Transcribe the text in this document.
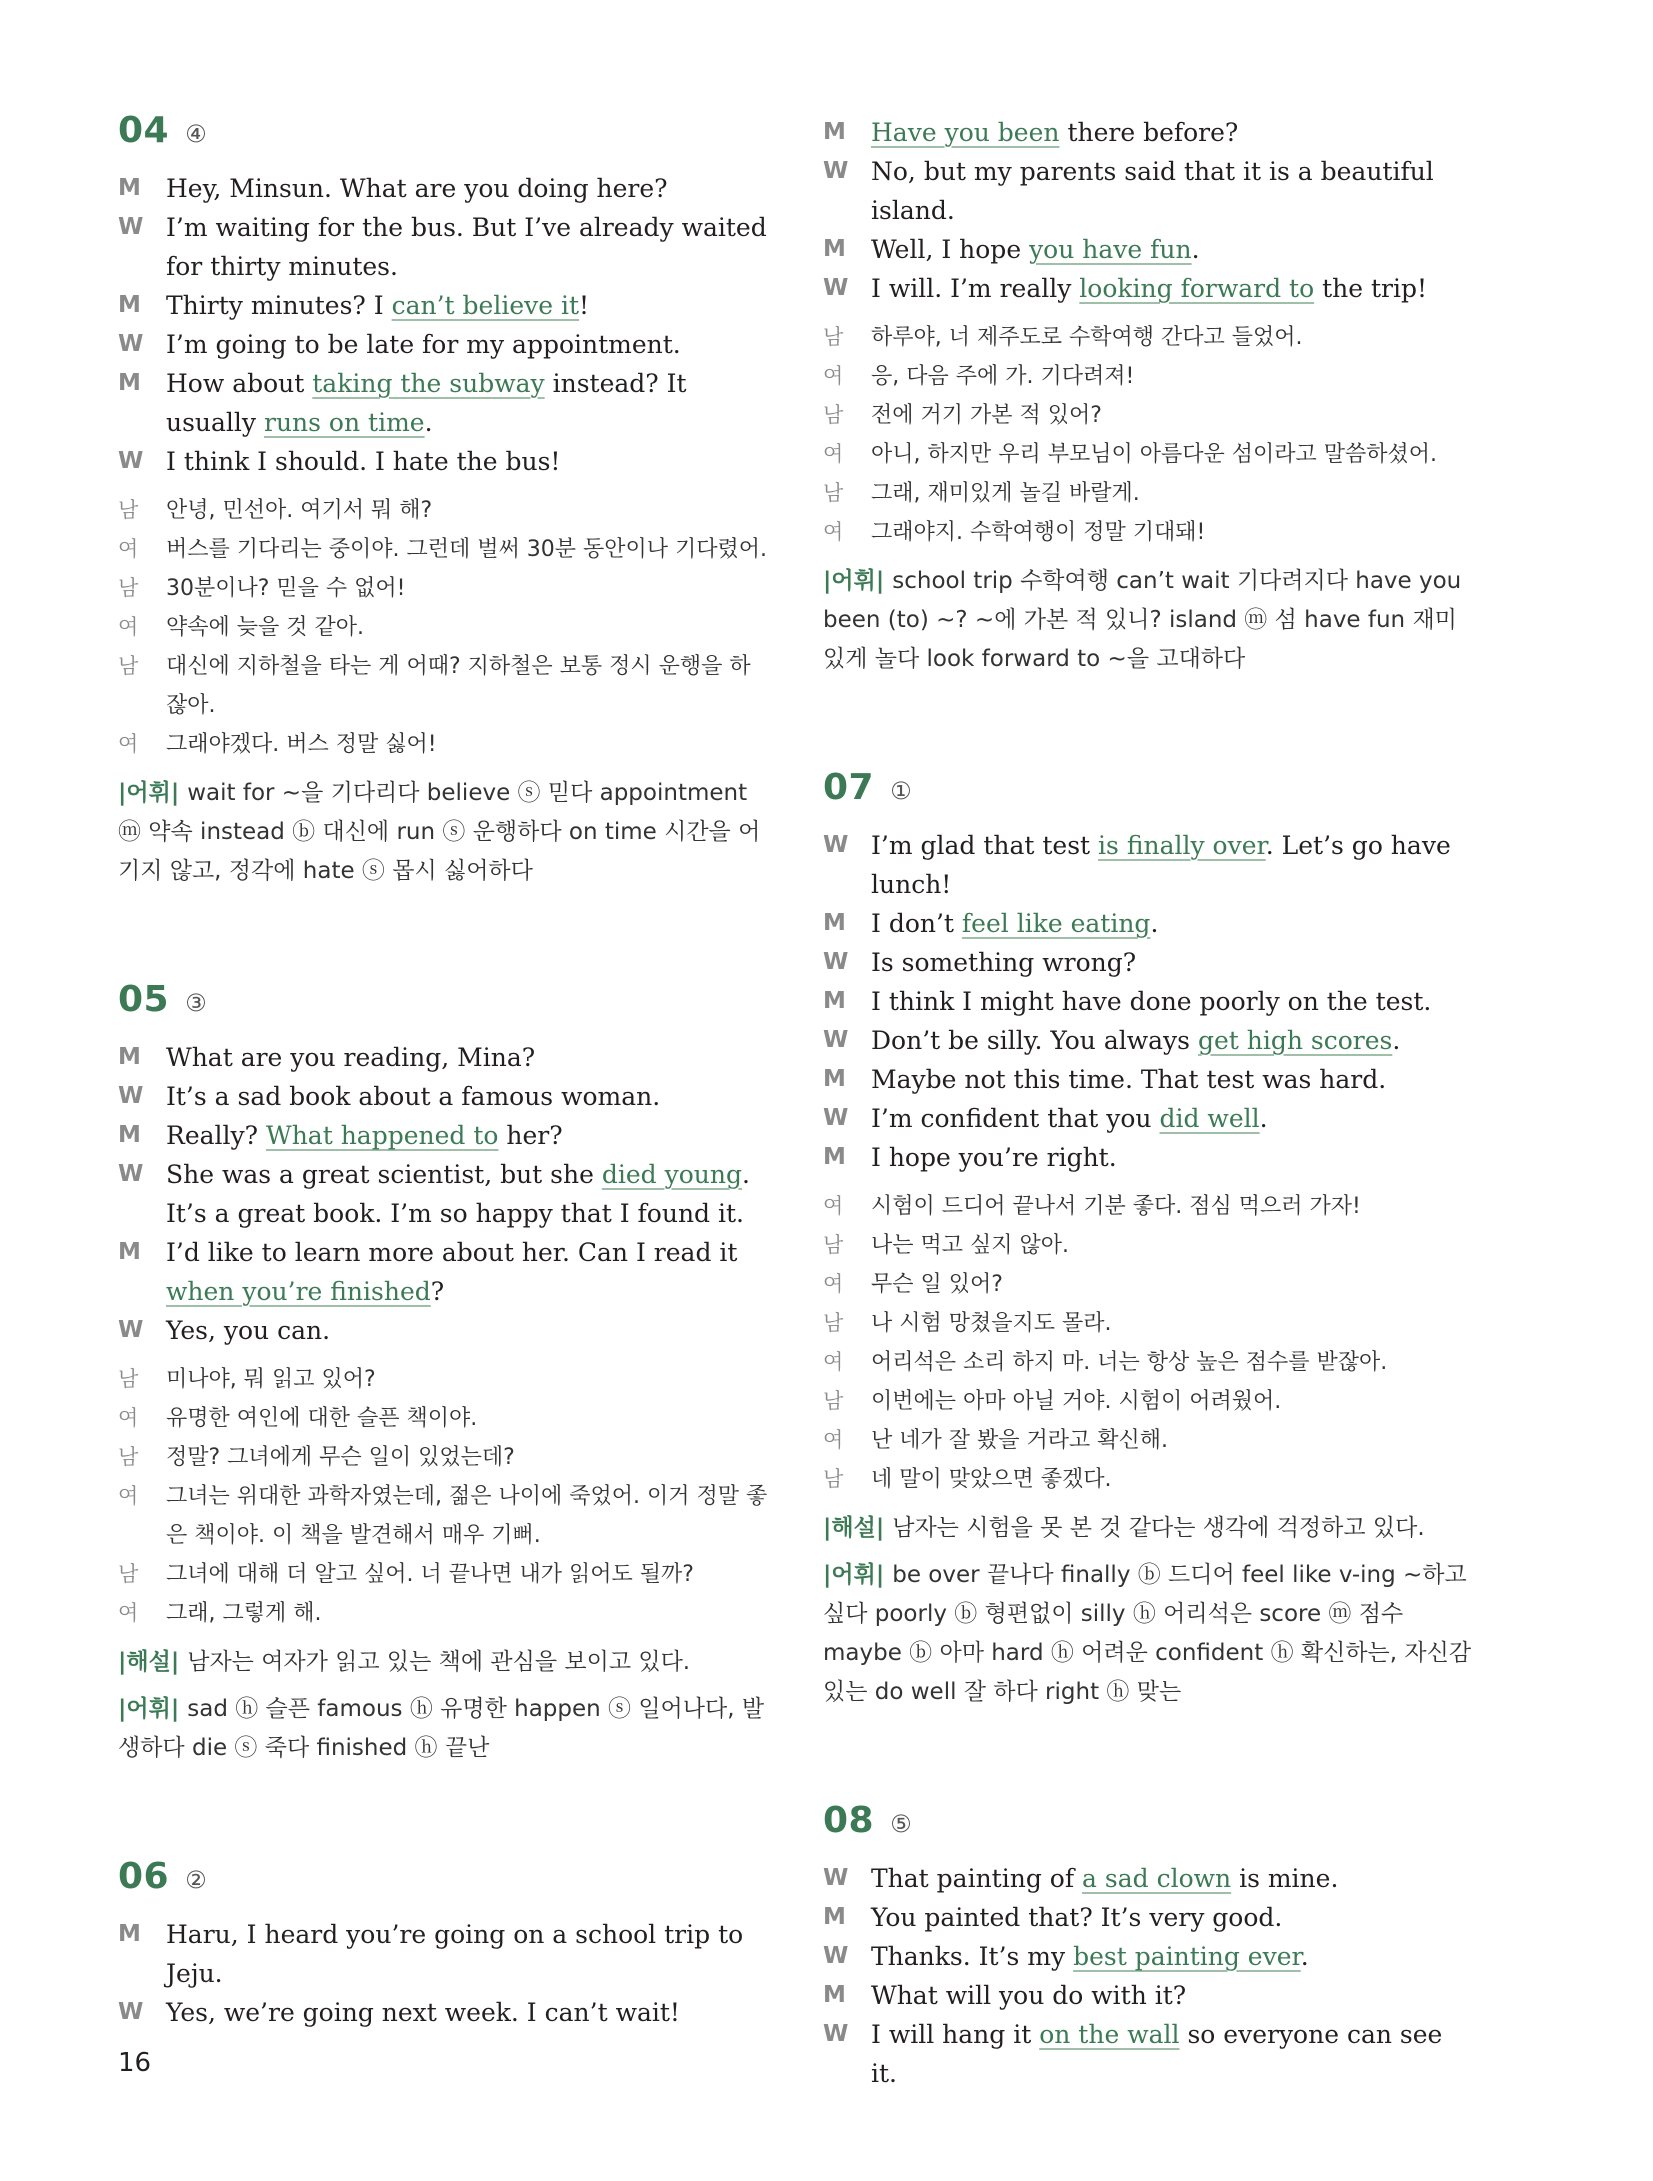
04 ④
M	Hey, Minsun. What are you doing here?
W I’m waiting for the bus. But I’ve already waited for thirty minutes.
M	Thirty minutes? I can’t believe it!
W I’m going to be late for my appointment.
M	How about taking the subway instead? It usually runs on time.
W I think I should. I hate the bus!
남	안녕, 민선아. 여기서 뭐 해?
여	버스를 기다리는 중이야. 그런데 벌써 30분 동안이나 기다렸어.
남	30분이나? 믿을 수 없어!
여	약속에 늦을 것 같아.
남	대신에 지하철을 타는 게 어때? 지하철은 보통 정시 운행을 하잖아.
여	그래야겠다. 버스 정말 싫어!
|어휘| wait for ~을 기다리다 believe ⓢ 믿다 appointment ⓜ 약속 instead ⓑ 대신에 run ⓢ 운행하다 on time 시간을 어기지 않고, 정각에 hate ⓢ 몹시 싫어하다
05 ③
M	What are you reading, Mina?
W It’s a sad book about a famous woman.
M	Really? What happened to her?
W She was a great scientist, but she died young. It’s a great book. I’m so happy that I found it.
M	I’d like to learn more about her. Can I read it when you’re finished?
W Yes, you can.
남	미나야, 뭐 읽고 있어?
여	유명한 여인에 대한 슬픈 책이야.
남	정말? 그녀에게 무슨 일이 있었는데?
여	그녀는 위대한 과학자였는데, 젊은 나이에 죽었어. 이거 정말 좋은 책이야. 이 책을 발견해서 매우 기뻐.
남	그녀에 대해 더 알고 싶어. 너 끝나면 내가 읽어도 될까?
여	그래, 그렇게 해.
|해설| 남자는 여자가 읽고 있는 책에 관심을 보이고 있다.
|어휘| sad ⓗ 슬픈 famous ⓗ 유명한 happen ⓢ 일어나다, 발생하다 die ⓢ 죽다 finished ⓗ 끝난
06 ②
M	Haru, I heard you’re going on a school trip to Jeju.
W Yes, we’re going next week. I can’t wait!
M	Have you been there before?
W No, but my parents said that it is a beautiful island.
M	Well, I hope you have fun.
W I will. I’m really looking forward to the trip!
남	하루야, 너 제주도로 수학여행 간다고 들었어.
여	응, 다음 주에 가. 기다려져!
남	전에 거기 가본 적 있어?
여	아니, 하지만 우리 부모님이 아름다운 섬이라고 말씀하셨어.
남	그래, 재미있게 놀길 바랄게.
여	그래야지. 수학여행이 정말 기대돼!
|어휘| school trip 수학여행 can’t wait 기다려지다 have you been (to) ~? ~에 가본 적 있니? island ⓜ 섬 have fun 재미있게 놀다 look forward to ~을 고대하다
07 ①
W I’m glad that test is finally over. Let’s go have lunch!
M	I don’t feel like eating.
W Is something wrong?
M	I think I might have done poorly on the test.
W Don’t be silly. You always get high scores.
M	Maybe not this time. That test was hard.
W I’m confident that you did well.
M	I hope you’re right.
여	시험이 드디어 끝나서 기분 좋다. 점심 먹으러 가자!
남	나는 먹고 싶지 않아.
여	무슨 일 있어?
남	나 시험 망쳤을지도 몰라.
여	어리석은 소리 하지 마. 너는 항상 높은 점수를 받잖아.
남	이번에는 아마 아닐 거야. 시험이 어려웠어.
여	난 네가 잘 봤을 거라고 확신해.
남	네 말이 맞았으면 좋겠다.
|해설| 남자는 시험을 못 본 것 같다는 생각에 걱정하고 있다.
|어휘| be over 끝나다 finally ⓑ 드디어 feel like v-ing ~하고 싶다 poorly ⓑ 형편없이 silly ⓗ 어리석은 score ⓜ 점수 maybe ⓑ 아마 hard ⓗ 어려운 confident ⓗ 확신하는, 자신감 있는 do well 잘 하다 right ⓗ 맞는
08 ⑤
W That painting of a sad clown is mine.
M	You painted that? It’s very good.
W Thanks. It’s my best painting ever.
M	What will you do with it?
W I will hang it on the wall so everyone can see it.
16
